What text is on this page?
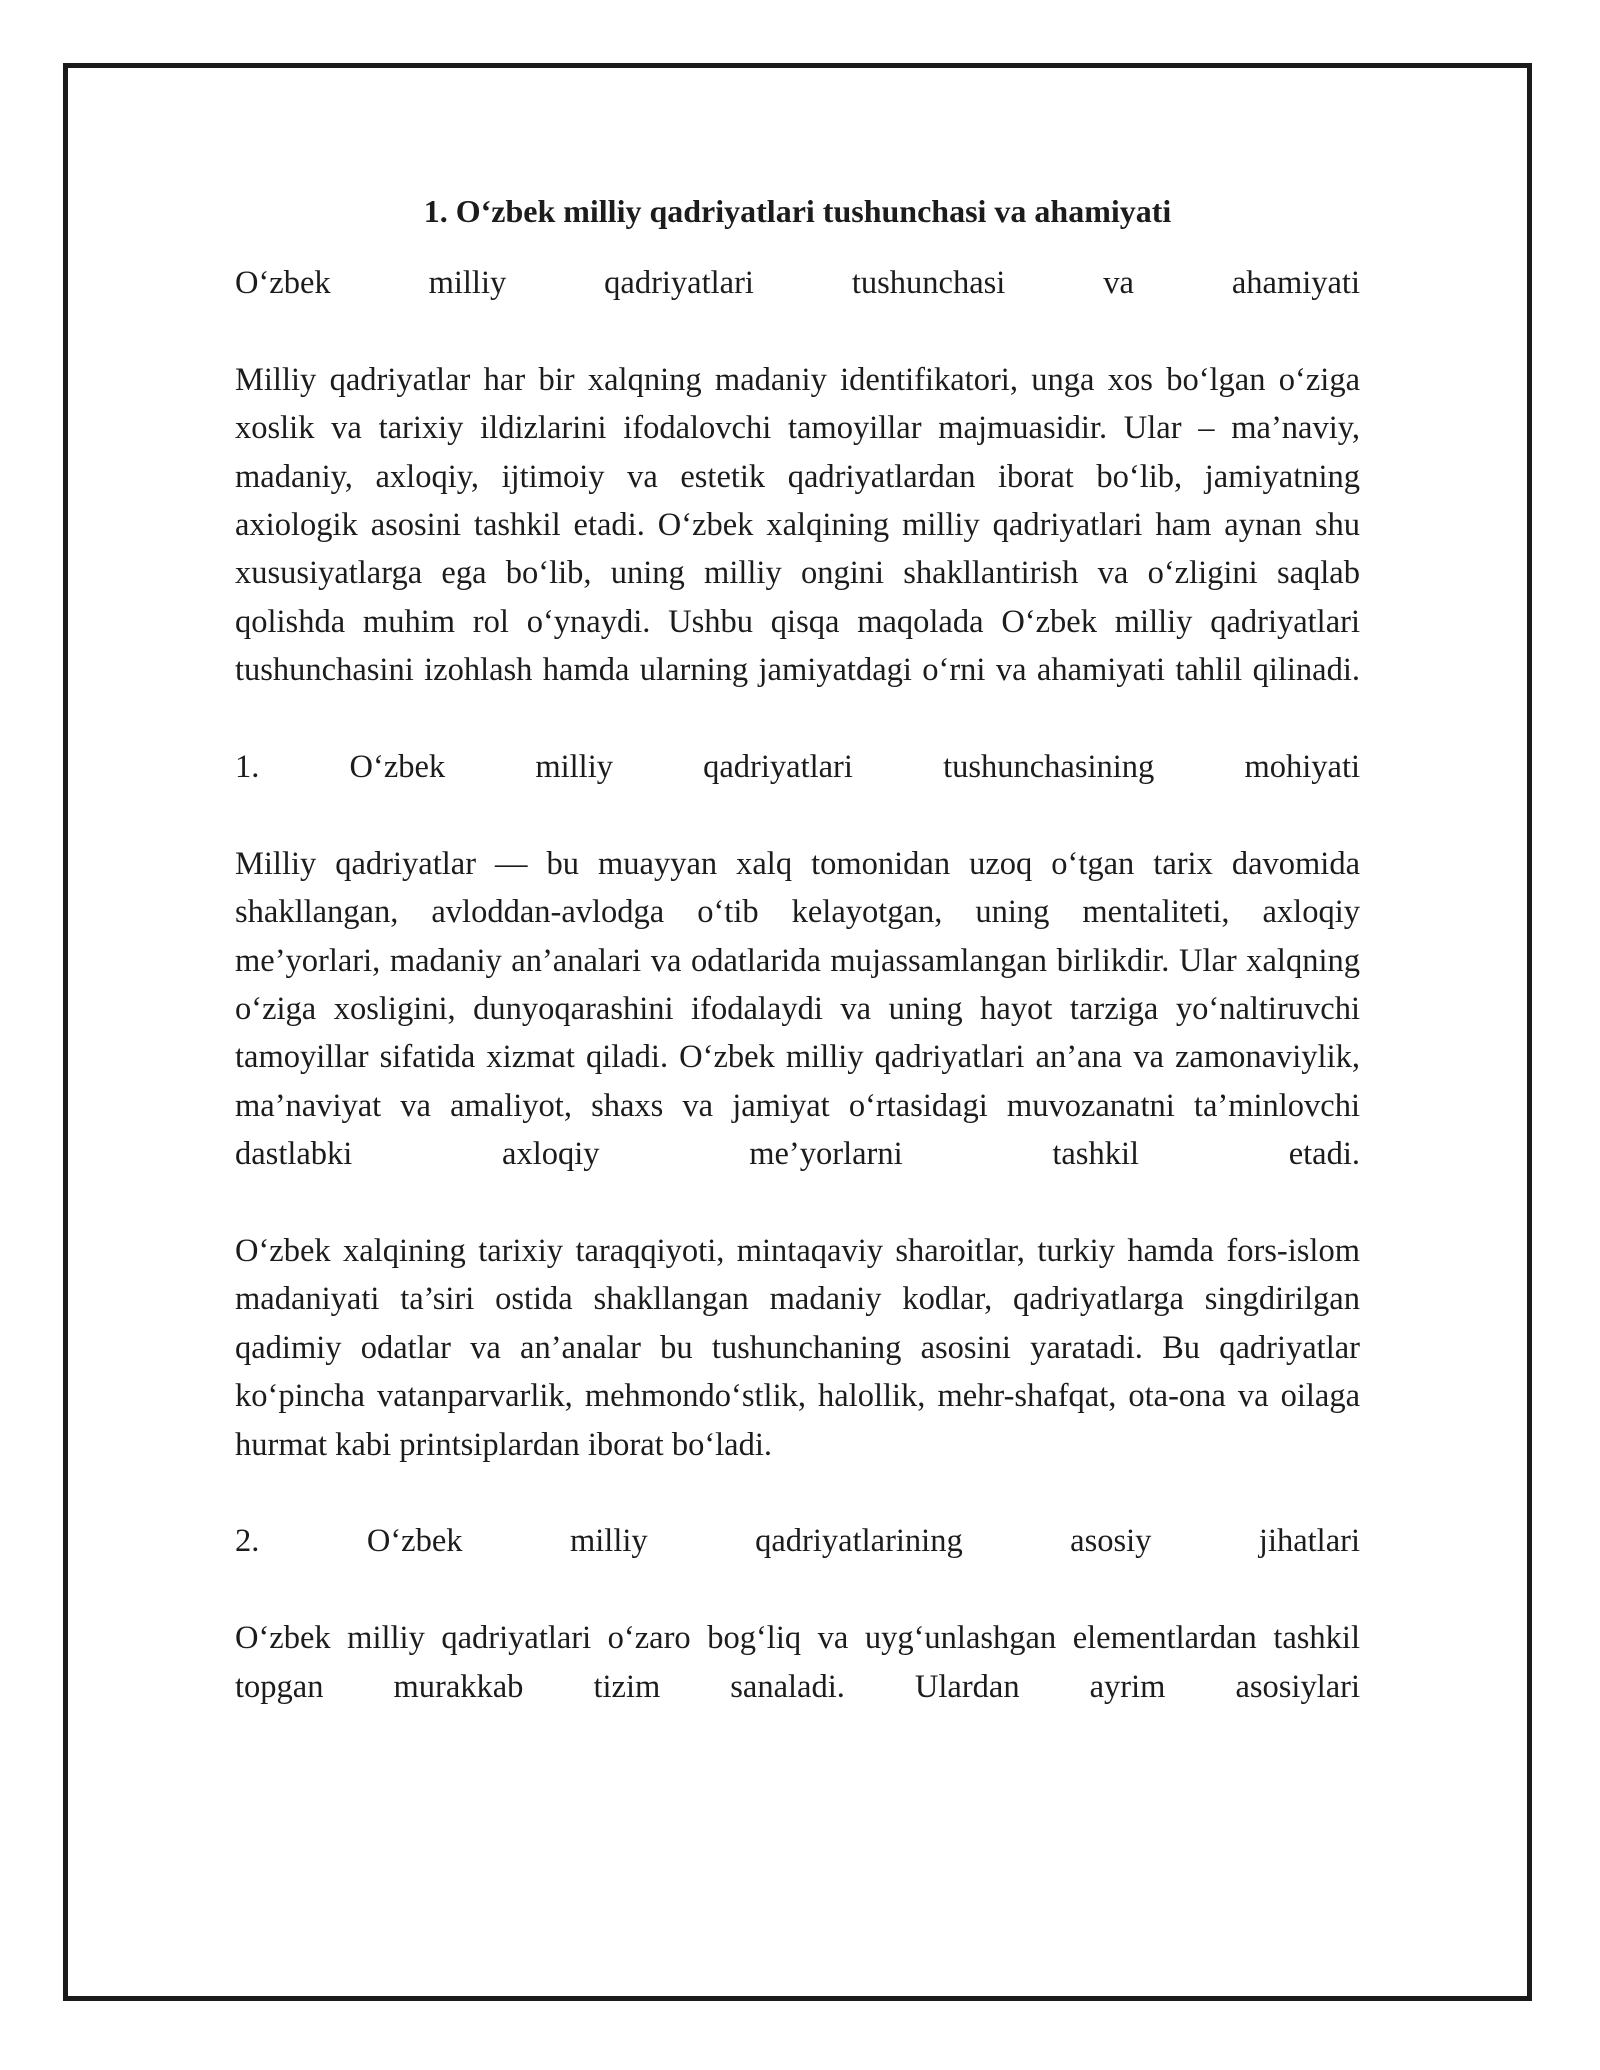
1. O‘zbek milliy qadriyatlari tushunchasi va ahamiyati

O‘zbek milliy qadriyatlari tushunchasi va ahamiyati

Milliy qadriyatlar har bir xalqning madaniy identifikatori, unga xos bo‘lgan o‘ziga xoslik va tarixiy ildizlarini ifodalovchi tamoyillar majmuasidir. Ular – ma’naviy, madaniy, axloqiy, ijtimoiy va estetik qadriyatlardan iborat bo‘lib, jamiyatning axiologik asosini tashkil etadi. O‘zbek xalqining milliy qadriyatlari ham aynan shu xususiyatlarga ega bo‘lib, uning milliy ongini shakllantirish va o‘zligini saqlab qolishda muhim rol o‘ynaydi. Ushbu qisqa maqolada O‘zbek milliy qadriyatlari tushunchasini izohlash hamda ularning jamiyatdagi o‘rni va ahamiyati tahlil qilinadi.

1. O‘zbek milliy qadriyatlari tushunchasining mohiyati

Milliy qadriyatlar — bu muayyan xalq tomonidan uzoq o‘tgan tarix davomida shakllangan, avloddan-avlodga o‘tib kelayotgan, uning mentaliteti, axloqiy me’yorlari, madaniy an’analari va odatlarida mujassamlangan birlikdir. Ular xalqning o‘ziga xosligini, dunyoqarashini ifodalaydi va uning hayot tarziga yo‘naltiruvchi tamoyillar sifatida xizmat qiladi. O‘zbek milliy qadriyatlari an’ana va zamonaviylik, ma’naviyat va amaliyot, shaxs va jamiyat o‘rtasidagi muvozanatni ta’minlovchi dastlabki axloqiy me’yorlarni tashkil etadi.

O‘zbek xalqining tarixiy taraqqiyoti, mintaqaviy sharoitlar, turkiy hamda fors-islom madaniyati ta’siri ostida shakllangan madaniy kodlar, qadriyatlarga singdirilgan qadimiy odatlar va an’analar bu tushunchaning asosini yaratadi. Bu qadriyatlar ko‘pincha vatanparvarlik, mehmondo‘stlik, halollik, mehr-shafqat, ota-ona va oilaga hurmat kabi printsiplardan iborat bo‘ladi.

2. O‘zbek milliy qadriyatlarining asosiy jihatlari

O‘zbek milliy qadriyatlari o‘zaro bog‘liq va uyg‘unlashgan elementlardan tashkil topgan murakkab tizim sanaladi. Ulardan ayrim asosiylari
